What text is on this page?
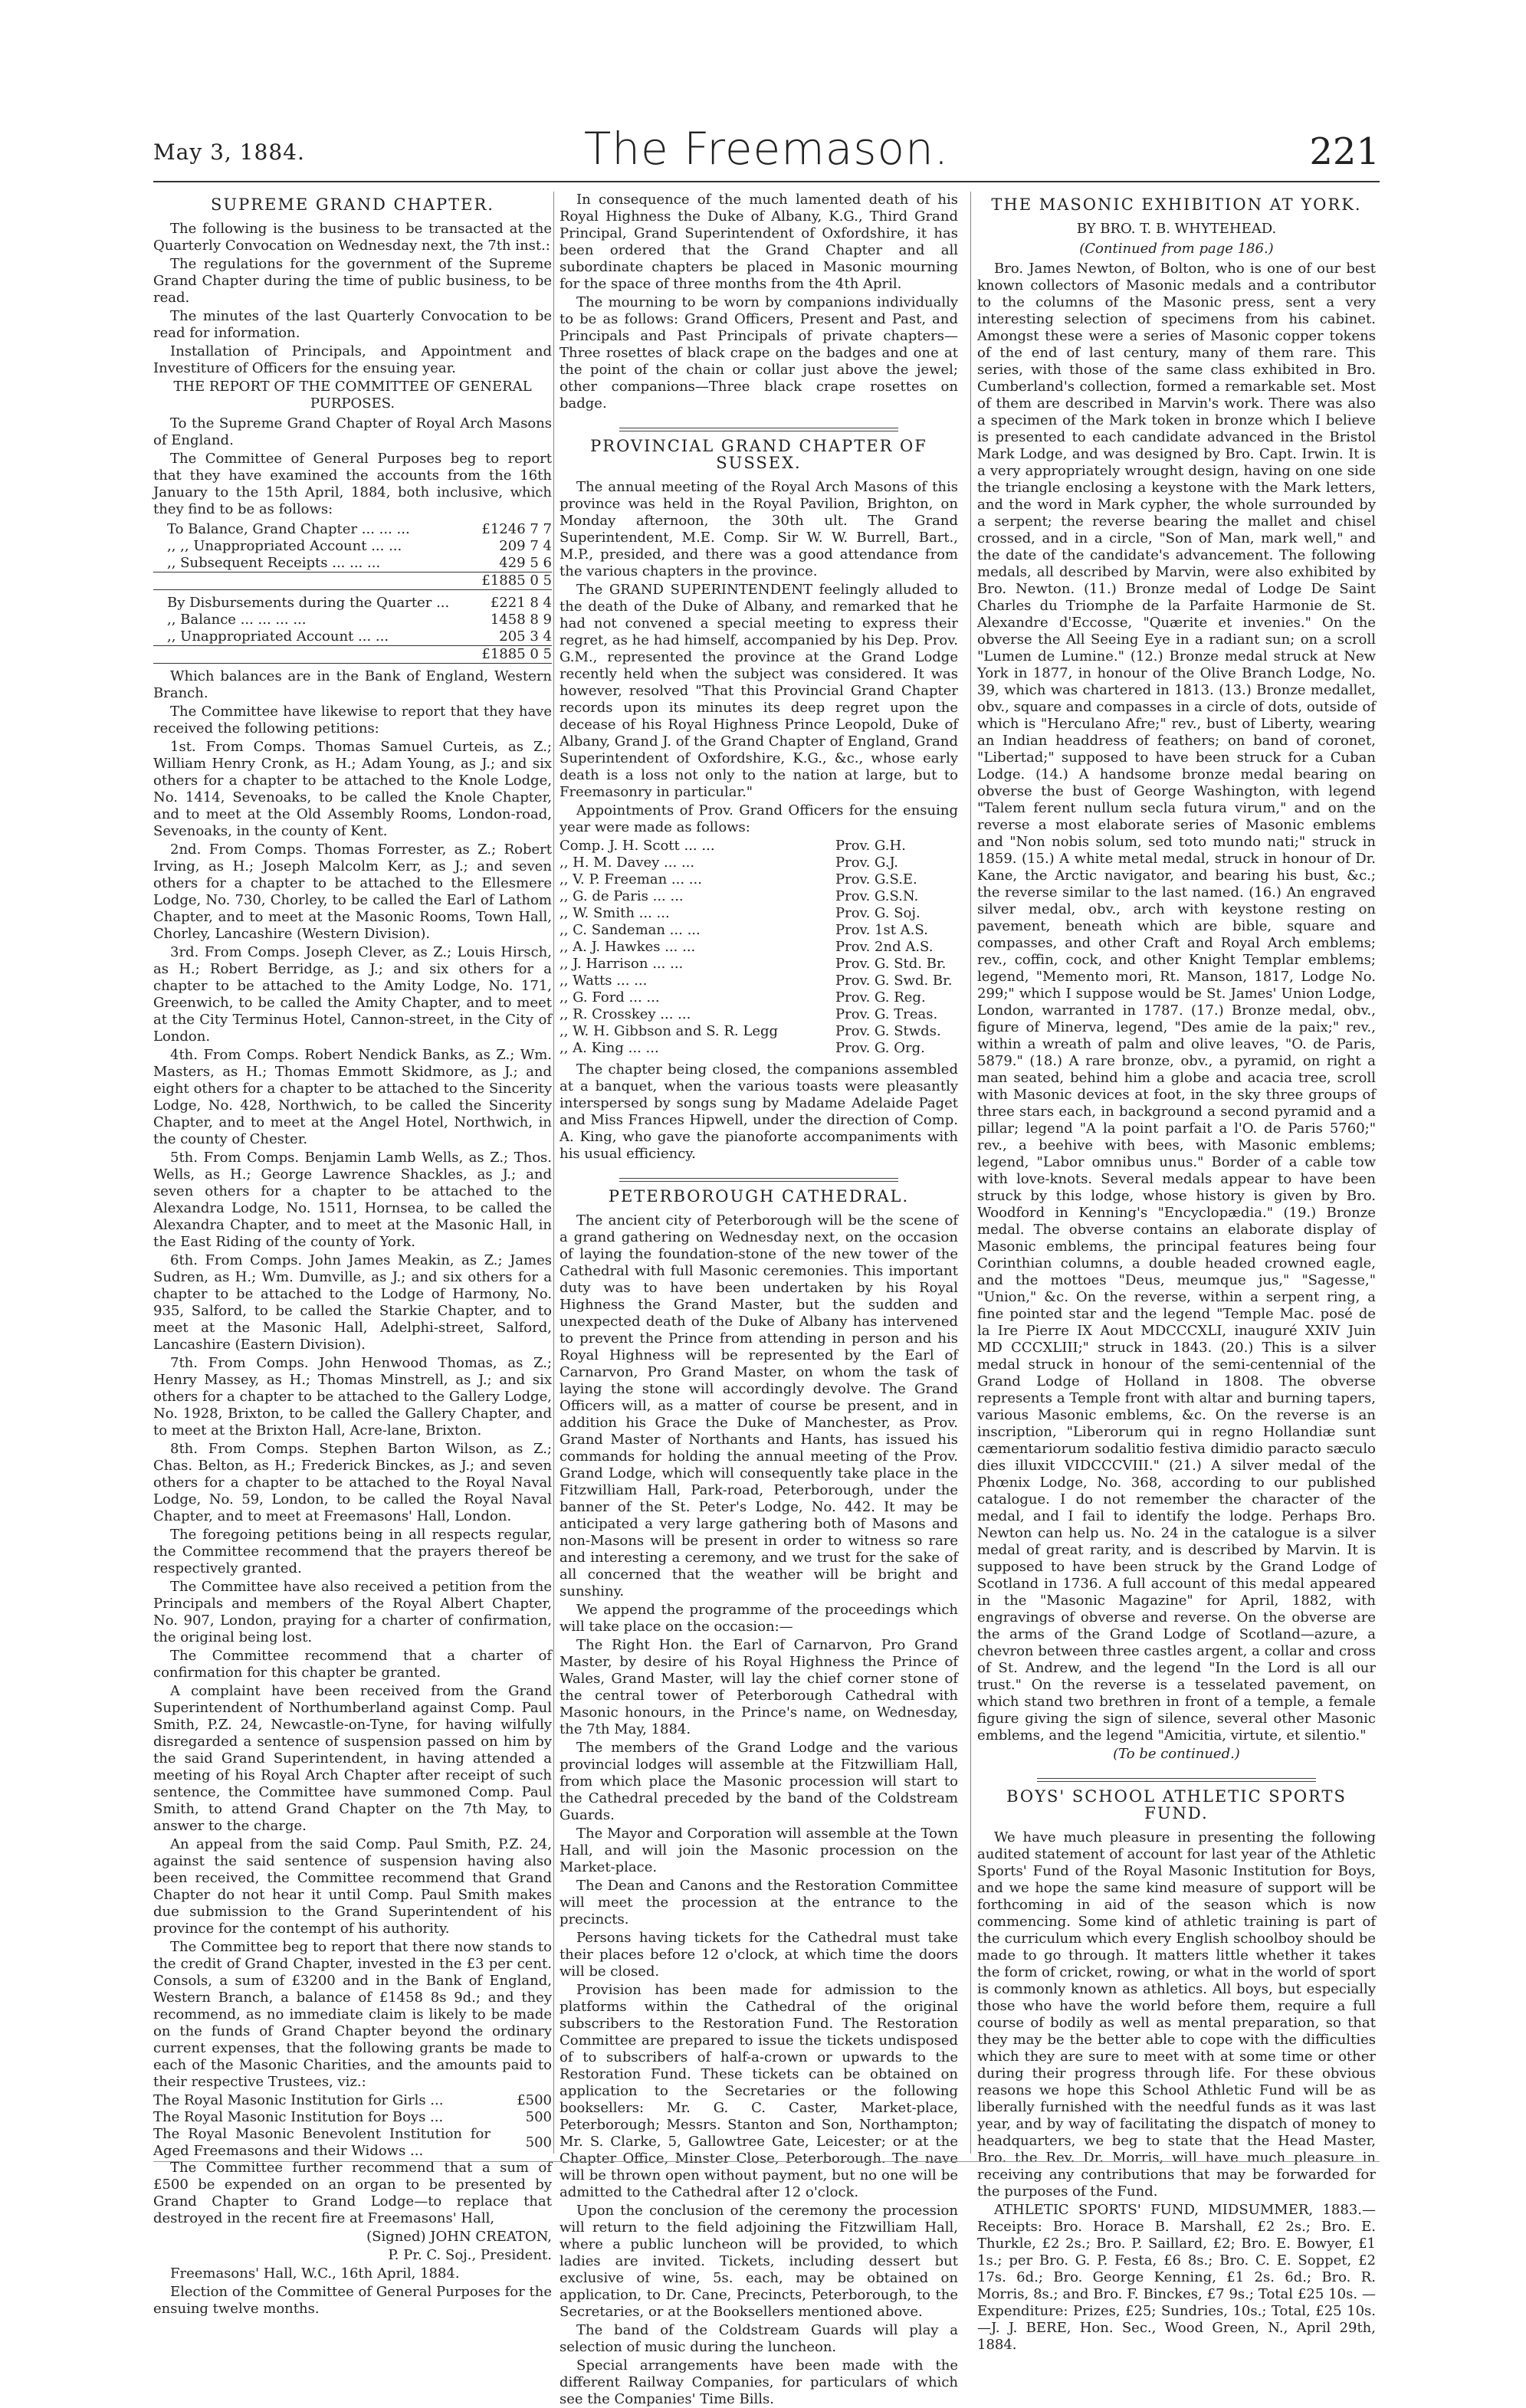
May 3, 1884.	The Freemason.	221
SUPREME GRAND CHAPTER.

The following is the business to be transacted at the Quarterly Convocation on Wednesday next, the 7th inst.:

The regulations for the government of the Supreme Grand Chapter during the time of public business, to be read.

The minutes of the last Quarterly Convocation to be read for information.

Installation of Principals, and Appointment and Investiture of Officers for the ensuing year.

THE REPORT OF THE COMMITTEE OF GENERAL PURPOSES.

To the Supreme Grand Chapter of Royal Arch Masons of England.

The Committee of General Purposes beg to report that they have examined the accounts from the 16th January to the 15th April, 1884, both inclusive, which they find to be as follows:

To Balance, Grand Chapter ... ... ...	£1246 7 7
,, ,, Unappropriated Account ... ...	209 7 4
,, Subsequent Receipts ... ... ...	429 5 6
	£1885 0 5
By Disbursements during the Quarter ...	£221 8 4
,, Balance ... ... ... ...	1458 8 9
,, Unappropriated Account ... ...	205 3 4
	£1885 0 5

Which balances are in the Bank of England, Western Branch.

The Committee have likewise to report that they have received the following petitions:

1st. From Comps. Thomas Samuel Curteis, as Z.; William Henry Cronk, as H.; Adam Young, as J.; and six others for a chapter to be attached to the Knole Lodge, No. 1414, Sevenoaks, to be called the Knole Chapter, and to meet at the Old Assembly Rooms, London-road, Sevenoaks, in the county of Kent.

2nd. From Comps. Thomas Forrester, as Z.; Robert Irving, as H.; Joseph Malcolm Kerr, as J.; and seven others for a chapter to be attached to the Ellesmere Lodge, No. 730, Chorley, to be called the Earl of Lathom Chapter, and to meet at the Masonic Rooms, Town Hall, Chorley, Lancashire (Western Division).

3rd. From Comps. Joseph Clever, as Z.; Louis Hirsch, as H.; Robert Berridge, as J.; and six others for a chapter to be attached to the Amity Lodge, No. 171, Greenwich, to be called the Amity Chapter, and to meet at the City Terminus Hotel, Cannon-street, in the City of London.

4th. From Comps. Robert Nendick Banks, as Z.; Wm. Masters, as H.; Thomas Emmott Skidmore, as J.; and eight others for a chapter to be attached to the Sincerity Lodge, No. 428, Northwich, to be called the Sincerity Chapter, and to meet at the Angel Hotel, Northwich, in the county of Chester.

5th. From Comps. Benjamin Lamb Wells, as Z.; Thos. Wells, as H.; George Lawrence Shackles, as J.; and seven others for a chapter to be attached to the Alexandra Lodge, No. 1511, Hornsea, to be called the Alexandra Chapter, and to meet at the Masonic Hall, in the East Riding of the county of York.

6th. From Comps. John James Meakin, as Z.; James Sudren, as H.; Wm. Dumville, as J.; and six others for a chapter to be attached to the Lodge of Harmony, No. 935, Salford, to be called the Starkie Chapter, and to meet at the Masonic Hall, Adelphi-street, Salford, Lancashire (Eastern Division).

7th. From Comps. John Henwood Thomas, as Z.; Henry Massey, as H.; Thomas Minstrell, as J.; and six others for a chapter to be attached to the Gallery Lodge, No. 1928, Brixton, to be called the Gallery Chapter, and to meet at the Brixton Hall, Acre-lane, Brixton.

8th. From Comps. Stephen Barton Wilson, as Z.; Chas. Belton, as H.; Frederick Binckes, as J.; and seven others for a chapter to be attached to the Royal Naval Lodge, No. 59, London, to be called the Royal Naval Chapter, and to meet at Freemasons' Hall, London.

The foregoing petitions being in all respects regular, the Committee recommend that the prayers thereof be respectively granted.

The Committee have also received a petition from the Principals and members of the Royal Albert Chapter, No. 907, London, praying for a charter of confirmation, the original being lost.

The Committee recommend that a charter of confirmation for this chapter be granted.

A complaint have been received from the Grand Superintendent of Northumberland against Comp. Paul Smith, P.Z. 24, Newcastle-on-Tyne, for having wilfully disregarded a sentence of suspension passed on him by the said Grand Superintendent, in having attended a meeting of his Royal Arch Chapter after receipt of such sentence, the Committee have summoned Comp. Paul Smith, to attend Grand Chapter on the 7th May, to answer to the charge.

An appeal from the said Comp. Paul Smith, P.Z. 24, against the said sentence of suspension having also been received, the Committee recommend that Grand Chapter do not hear it until Comp. Paul Smith makes due submission to the Grand Superintendent of his province for the contempt of his authority.

The Committee beg to report that there now stands to the credit of Grand Chapter, invested in the £3 per cent. Consols, a sum of £3200 and in the Bank of England, Western Branch, a balance of £1458 8s 9d.; and they recommend, as no immediate claim is likely to be made on the funds of Grand Chapter beyond the ordinary current expenses, that the following grants be made to each of the Masonic Charities, and the amounts paid to their respective Trustees, viz.:

The Royal Masonic Institution for Girls ...	£500
The Royal Masonic Institution for Boys ...	500
The Royal Masonic Benevolent Institution for Aged Freemasons and their Widows ...	500

The Committee further recommend that a sum of £500 be expended on an organ to be presented by Grand Chapter to Grand Lodge—to replace that destroyed in the recent fire at Freemasons' Hall,

(Signed) JOHN CREATON,
P. Pr. C. Soj., President.

Freemasons' Hall, W.C., 16th April, 1884.

Election of the Committee of General Purposes for the ensuing twelve months.

In consequence of the much lamented death of his Royal Highness the Duke of Albany, K.G., Third Grand Principal, Grand Superintendent of Oxfordshire, it has been ordered that the Grand Chapter and all subordinate chapters be placed in Masonic mourning for the space of three months from the 4th April.

The mourning to be worn by companions individually to be as follows: Grand Officers, Present and Past, and Principals and Past Principals of private chapters—Three rosettes of black crape on the badges and one at the point of the chain or collar just above the jewel; other companions—Three black crape rosettes on badge.

PROVINCIAL GRAND CHAPTER OF SUSSEX.

The annual meeting of the Royal Arch Masons of this province was held in the Royal Pavilion, Brighton, on Monday afternoon, the 30th ult. The Grand Superintendent, M.E. Comp. Sir W. W. Burrell, Bart., M.P., presided, and there was a good attendance from the various chapters in the province.

The GRAND SUPERINTENDENT feelingly alluded to the death of the Duke of Albany, and remarked that he had not convened a special meeting to express their regret, as he had himself, accompanied by his Dep. Prov. G.M., represented the province at the Grand Lodge recently held when the subject was considered. It was however, resolved "That this Provincial Grand Chapter records upon its minutes its deep regret upon the decease of his Royal Highness Prince Leopold, Duke of Albany, Grand J. of the Grand Chapter of England, Grand Superintendent of Oxfordshire, K.G., &c., whose early death is a loss not only to the nation at large, but to Freemasonry in particular."

Appointments of Prov. Grand Officers for the ensuing year were made as follows:

Comp. J. H. Scott ... ...	Prov. G.H.
,, H. M. Davey ... ...	Prov. G.J.
,, V. P. Freeman ... ...	Prov. G.S.E.
,, G. de Paris ... ...	Prov. G.S.N.
,, W. Smith ... ...	Prov. G. Soj.
,, C. Sandeman ... ...	Prov. 1st A.S.
,, A. J. Hawkes ... ...	Prov. 2nd A.S.
,, J. Harrison ... ...	Prov. G. Std. Br.
,, Watts ... ...	Prov. G. Swd. Br.
,, G. Ford ... ...	Prov. G. Reg.
,, R. Crosskey ... ...	Prov. G. Treas.
,, W. H. Gibbson and S. R. Legg	Prov. G. Stwds.
,, A. King ... ...	Prov. G. Org.

The chapter being closed, the companions assembled at a banquet, when the various toasts were pleasantly interspersed by songs sung by Madame Adelaide Paget and Miss Frances Hipwell, under the direction of Comp. A. King, who gave the pianoforte accompaniments with his usual efficiency.

PETERBOROUGH CATHEDRAL.

The ancient city of Peterborough will be the scene of a grand gathering on Wednesday next, on the occasion of laying the foundation-stone of the new tower of the Cathedral with full Masonic ceremonies. This important duty was to have been undertaken by his Royal Highness the Grand Master, but the sudden and unexpected death of the Duke of Albany has intervened to prevent the Prince from attending in person and his Royal Highness will be represented by the Earl of Carnarvon, Pro Grand Master, on whom the task of laying the stone will accordingly devolve. The Grand Officers will, as a matter of course be present, and in addition his Grace the Duke of Manchester, as Prov. Grand Master of Northants and Hants, has issued his commands for holding the annual meeting of the Prov. Grand Lodge, which will consequently take place in the Fitzwilliam Hall, Park-road, Peterborough, under the banner of the St. Peter's Lodge, No. 442. It may be anticipated a very large gathering both of Masons and non-Masons will be present in order to witness so rare and interesting a ceremony, and we trust for the sake of all concerned that the weather will be bright and sunshiny.

We append the programme of the proceedings which will take place on the occasion:—

The Right Hon. the Earl of Carnarvon, Pro Grand Master, by desire of his Royal Highness the Prince of Wales, Grand Master, will lay the chief corner stone of the central tower of Peterborough Cathedral with Masonic honours, in the Prince's name, on Wednesday, the 7th May, 1884.

The members of the Grand Lodge and the various provincial lodges will assemble at the Fitzwilliam Hall, from which place the Masonic procession will start to the Cathedral preceded by the band of the Coldstream Guards.

The Mayor and Corporation will assemble at the Town Hall, and will join the Masonic procession on the Market-place.

The Dean and Canons and the Restoration Committee will meet the procession at the entrance to the precincts.

Persons having tickets for the Cathedral must take their places before 12 o'clock, at which time the doors will be closed.

Provision has been made for admission to the platforms within the Cathedral of the original subscribers to the Restoration Fund. The Restoration Committee are prepared to issue the tickets undisposed of to subscribers of half-a-crown or upwards to the Restoration Fund. These tickets can be obtained on application to the Secretaries or the following booksellers: Mr. G. C. Caster, Market-place, Peterborough; Messrs. Stanton and Son, Northampton; Mr. S. Clarke, 5, Gallowtree Gate, Leicester; or at the Chapter Office, Minster Close, Peterborough. The nave will be thrown open without payment, but no one will be admitted to the Cathedral after 12 o'clock.

Upon the conclusion of the ceremony the procession will return to the field adjoining the Fitzwilliam Hall, where a public luncheon will be provided, to which ladies are invited. Tickets, including dessert but exclusive of wine, 5s. each, may be obtained on application, to Dr. Cane, Precincts, Peterborough, to the Secretaries, or at the Booksellers mentioned above.

The band of the Coldstream Guards will play a selection of music during the luncheon.

Special arrangements have been made with the different Railway Companies, for particulars of which see the Companies' Time Bills.

THE MASONIC EXHIBITION AT YORK.
BY BRO. T. B. WHYTEHEAD.
(Continued from page 186.)

Bro. James Newton, of Bolton, who is one of our best known collectors of Masonic medals and a contributor to the columns of the Masonic press, sent a very interesting selection of specimens from his cabinet. Amongst these were a series of Masonic copper tokens of the end of last century, many of them rare. This series, with those of the same class exhibited in Bro. Cumberland's collection, formed a remarkable set. Most of them are described in Marvin's work. There was also a specimen of the Mark token in bronze which I believe is presented to each candidate advanced in the Bristol Mark Lodge, and was designed by Bro. Capt. Irwin. It is a very appropriately wrought design, having on one side the triangle enclosing a keystone with the Mark letters, and the word in Mark cypher, the whole surrounded by a serpent; the reverse bearing the mallet and chisel crossed, and in a circle, "Son of Man, mark well," and the date of the candidate's advancement. The following medals, all described by Marvin, were also exhibited by Bro. Newton. (11.) Bronze medal of Lodge De Saint Charles du Triomphe de la Parfaite Harmonie de St. Alexandre d'Eccosse, "Quærite et invenies." On the obverse the All Seeing Eye in a radiant sun; on a scroll "Lumen de Lumine." (12.) Bronze medal struck at New York in 1877, in honour of the Olive Branch Lodge, No. 39, which was chartered in 1813. (13.) Bronze medallet, obv., square and compasses in a circle of dots, outside of which is "Herculano Afre;" rev., bust of Liberty, wearing an Indian headdress of feathers; on band of coronet, "Libertad;" supposed to have been struck for a Cuban Lodge. (14.) A handsome bronze medal bearing on obverse the bust of George Washington, with legend "Talem ferent nullum secla futura virum," and on the reverse a most elaborate series of Masonic emblems and "Non nobis solum, sed toto mundo nati;" struck in 1859. (15.) A white metal medal, struck in honour of Dr. Kane, the Arctic navigator, and bearing his bust, &c.; the reverse similar to the last named. (16.) An engraved silver medal, obv., arch with keystone resting on pavement, beneath which are bible, square and compasses, and other Craft and Royal Arch emblems; rev., coffin, cock, and other Knight Templar emblems; legend, "Memento mori, Rt. Manson, 1817, Lodge No. 299;" which I suppose would be St. James' Union Lodge, London, warranted in 1787. (17.) Bronze medal, obv., figure of Minerva, legend, "Des amie de la paix;" rev., within a wreath of palm and olive leaves, "O. de Paris, 5879." (18.) A rare bronze, obv., a pyramid, on right a man seated, behind him a globe and acacia tree, scroll with Masonic devices at foot, in the sky three groups of three stars each, in background a second pyramid and a pillar; legend "A la point parfait a l'O. de Paris 5760;" rev., a beehive with bees, with Masonic emblems; legend, "Labor omnibus unus." Border of a cable tow with love-knots. Several medals appear to have been struck by this lodge, whose history is given by Bro. Woodford in Kenning's "Encyclopædia." (19.) Bronze medal. The obverse contains an elaborate display of Masonic emblems, the principal features being four Corinthian columns, a double headed crowned eagle, and the mottoes "Deus, meumque jus," "Sagesse," "Union," &c. On the reverse, within a serpent ring, a fine pointed star and the legend "Temple Mac. posé de la Ire Pierre IX Aout MDCCCXLI, inauguré XXIV Juin MD CCCXLIII;" struck in 1843. (20.) This is a silver medal struck in honour of the semi-centennial of the Grand Lodge of Holland in 1808. The obverse represents a Temple front with altar and burning tapers, various Masonic emblems, &c. On the reverse is an inscription, "Liberorum qui in regno Hollandiæ sunt cæmentariorum sodalitio festiva dimidio paracto sæculo dies illuxit VIDCCCVIII." (21.) A silver medal of the Phœnix Lodge, No. 368, according to our published catalogue. I do not remember the character of the medal, and I fail to identify the lodge. Perhaps Bro. Newton can help us. No. 24 in the catalogue is a silver medal of great rarity, and is described by Marvin. It is supposed to have been struck by the Grand Lodge of Scotland in 1736. A full account of this medal appeared in the "Masonic Magazine" for April, 1882, with engravings of obverse and reverse. On the obverse are the arms of the Grand Lodge of Scotland—azure, a chevron between three castles argent, a collar and cross of St. Andrew, and the legend "In the Lord is all our trust." On the reverse is a tesselated pavement, on which stand two brethren in front of a temple, a female figure giving the sign of silence, several other Masonic emblems, and the legend "Amicitia, virtute, et silentio."

(To be continued.)
BOYS' SCHOOL ATHLETIC SPORTS FUND.

We have much pleasure in presenting the following audited statement of account for last year of the Athletic Sports' Fund of the Royal Masonic Institution for Boys, and we hope the same kind measure of support will be forthcoming in aid of the season which is now commencing. Some kind of athletic training is part of the curriculum which every English schoolboy should be made to go through. It matters little whether it takes the form of cricket, rowing, or what in the world of sport is commonly known as athletics. All boys, but especially those who have the world before them, require a full course of bodily as well as mental preparation, so that they may be the better able to cope with the difficulties which they are sure to meet with at some time or other during their progress through life. For these obvious reasons we hope this School Athletic Fund will be as liberally furnished with the needful funds as it was last year, and by way of facilitating the dispatch of money to headquarters, we beg to state that the Head Master, Bro. the Rev. Dr. Morris, will have much pleasure in receiving any contributions that may be forwarded for the purposes of the Fund.

ATHLETIC SPORTS' FUND, MIDSUMMER, 1883.—Receipts: Bro. Horace B. Marshall, £2 2s.; Bro. E. Thurkle, £2 2s.; Bro. P. Saillard, £2; Bro. E. Bowyer, £1 1s.; per Bro. G. P. Festa, £6 8s.; Bro. C. E. Soppet, £2 17s. 6d.; Bro. George Kenning, £1 2s. 6d.; Bro. R. Morris, 8s.; and Bro. F. Binckes, £7 9s.; Total £25 10s. —Expenditure: Prizes, £25; Sundries, 10s.; Total, £25 10s.—J. J. BERE, Hon. Sec., Wood Green, N., April 29th, 1884.
